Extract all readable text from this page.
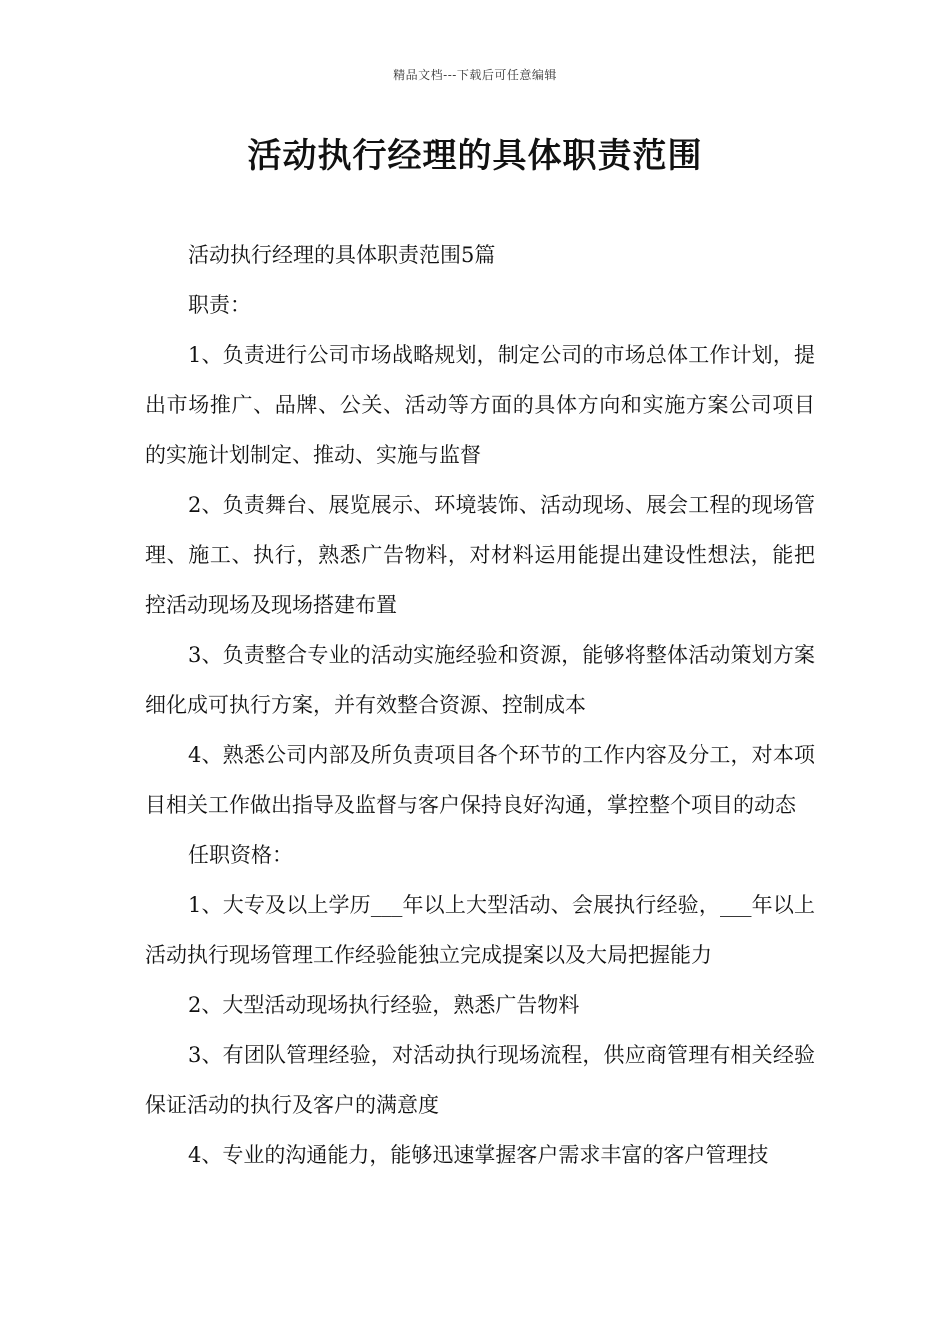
精品文档---下载后可任意编辑
活动执行经理的具体职责范围

活动执行经理的具体职责范围5篇

职责：

1、负责进行公司市场战略规划，制定公司的市场总体工作计划，提出市场推广、品牌、公关、活动等方面的具体方向和实施方案公司项目的实施计划制定、推动、实施与监督

2、负责舞台、展览展示、环境装饰、活动现场、展会工程的现场管理、施工、执行，熟悉广告物料，对材料运用能提出建设性想法，能把控活动现场及现场搭建布置

3、负责整合专业的活动实施经验和资源，能够将整体活动策划方案细化成可执行方案，并有效整合资源、控制成本

4、熟悉公司内部及所负责项目各个环节的工作内容及分工，对本项目相关工作做出指导及监督与客户保持良好沟通，掌控整个项目的动态

任职资格：

1、大专及以上学历___年以上大型活动、会展执行经验，___年以上活动执行现场管理工作经验能独立完成提案以及大局把握能力

2、大型活动现场执行经验，熟悉广告物料

3、有团队管理经验，对活动执行现场流程，供应商管理有相关经验保证活动的执行及客户的满意度

4、专业的沟通能力，能够迅速掌握客户需求丰富的客户管理技
